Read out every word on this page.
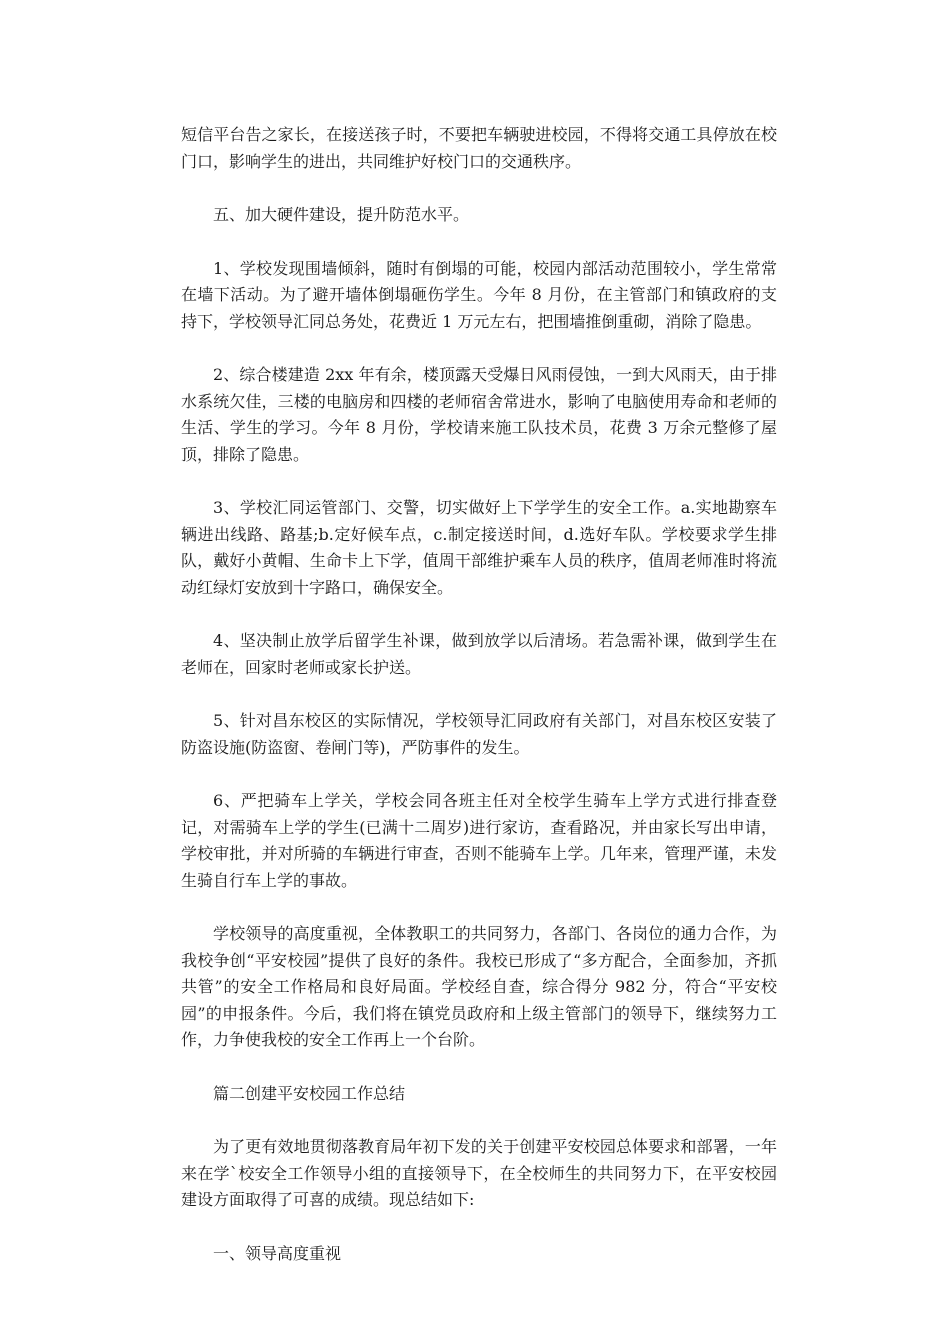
短信平台告之家长，在接送孩子时，不要把车辆驶进校园，不得将交通工具停放在校门口，影响学生的进出，共同维护好校门口的交通秩序。

五、加大硬件建设，提升防范水平。

1、学校发现围墙倾斜，随时有倒塌的可能，校园内部活动范围较小，学生常常在墙下活动。为了避开墙体倒塌砸伤学生。今年 8 月份，在主管部门和镇政府的支持下，学校领导汇同总务处，花费近 1 万元左右，把围墙推倒重砌，消除了隐患。

2、综合楼建造 2xx 年有余，楼顶露天受爆日风雨侵蚀，一到大风雨天，由于排水系统欠佳，三楼的电脑房和四楼的老师宿舍常进水，影响了电脑使用寿命和老师的生活、学生的学习。今年 8 月份，学校请来施工队技术员，花费 3 万余元整修了屋顶，排除了隐患。

3、学校汇同运管部门、交警，切实做好上下学学生的安全工作。a.实地勘察车辆进出线路、路基;b.定好候车点，c.制定接送时间，d.选好车队。学校要求学生排队，戴好小黄帽、生命卡上下学，值周干部维护乘车人员的秩序，值周老师准时将流动红绿灯安放到十字路口，确保安全。

4、坚决制止放学后留学生补课，做到放学以后清场。若急需补课，做到学生在老师在，回家时老师或家长护送。

5、针对昌东校区的实际情况，学校领导汇同政府有关部门，对昌东校区安装了防盗设施(防盗窗、卷闸门等)，严防事件的发生。

6、严把骑车上学关，学校会同各班主任对全校学生骑车上学方式进行排查登记，对需骑车上学的学生(已满十二周岁)进行家访，查看路况，并由家长写出申请，学校审批，并对所骑的车辆进行审查，否则不能骑车上学。几年来，管理严谨，未发生骑自行车上学的事故。

学校领导的高度重视，全体教职工的共同努力，各部门、各岗位的通力合作，为我校争创“平安校园”提供了良好的条件。我校已形成了“多方配合，全面参加，齐抓共管”的安全工作格局和良好局面。学校经自查，综合得分 982 分，符合“平安校园”的申报条件。今后，我们将在镇党员政府和上级主管部门的领导下，继续努力工作，力争使我校的安全工作再上一个台阶。

篇二创建平安校园工作总结

为了更有效地贯彻落教育局年初下发的关于创建平安校园总体要求和部署，一年来在学`校安全工作领导小组的直接领导下，在全校师生的共同努力下，在平安校园建设方面取得了可喜的成绩。现总结如下:

一、领导高度重视
